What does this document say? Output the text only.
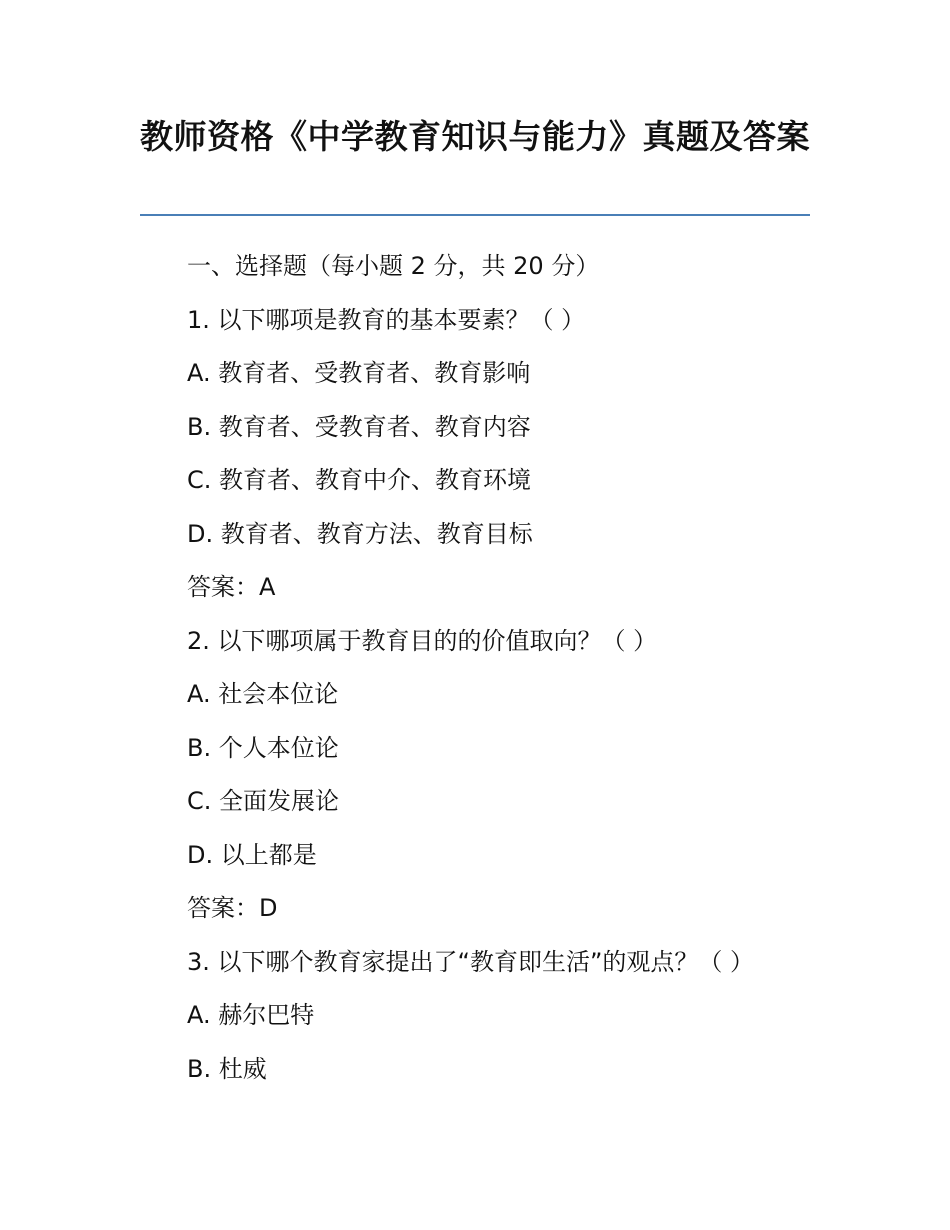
教师资格《中学教育知识与能力》真题及答案

一、选择题（每小题 2 分，共 20 分）

1. 以下哪项是教育的基本要素？（ ）

A. 教育者、受教育者、教育影响

B. 教育者、受教育者、教育内容

C. 教育者、教育中介、教育环境

D. 教育者、教育方法、教育目标

答案：A

2. 以下哪项属于教育目的的价值取向？（ ）

A. 社会本位论

B. 个人本位论

C. 全面发展论

D. 以上都是

答案：D

3. 以下哪个教育家提出了“教育即生活”的观点？（ ）

A. 赫尔巴特

B. 杜威
